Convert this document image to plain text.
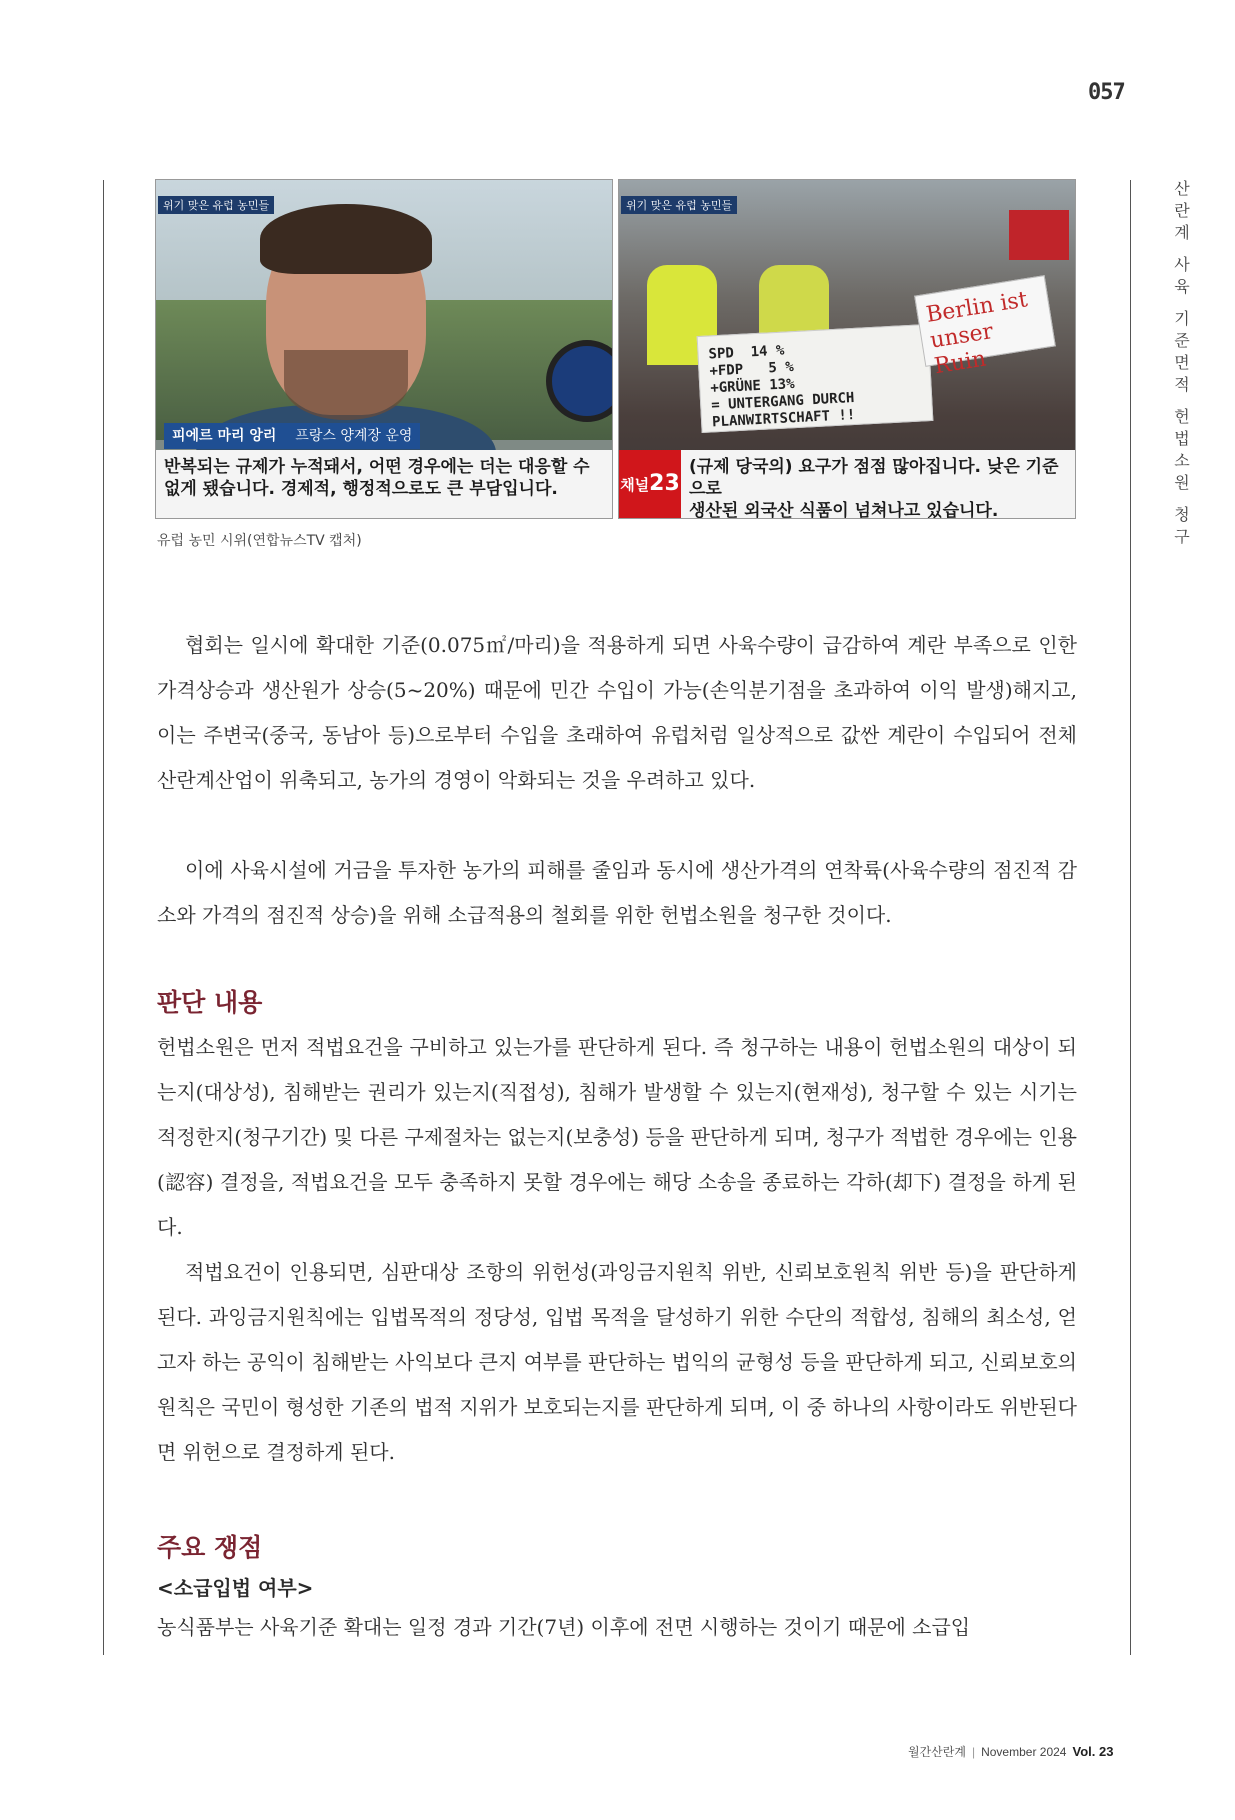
057
산
란
계
사
육
기
준
면
적
헌
법
소
원
청
구
위기 맞은 유럽 농민들
피에르 마리 앙리 프랑스 양계장 운영
반복되는 규제가 누적돼서, 어떤 경우에는 더는 대응할 수
없게 됐습니다. 경제적, 행정적으로도 큰 부담입니다.
SPD  14 %
+FDP   5 %
+GRÜNE 13%
= UNTERGANG DURCH
PLANWIRTSCHAFT !!
Berlin ist
unser Ruin
위기 맞은 유럽 농민들
채널23
(규제 당국의) 요구가 점점 많아집니다. 낮은 기준으로
생산된 외국산 식품이 넘쳐나고 있습니다.
유럽 농민 시위(연합뉴스TV 캡처)

협회는 일시에 확대한 기준(0.075㎡/마리)을 적용하게 되면 사육수량이 급감하여 계란 부족으로 인한 가격상승과 생산원가 상승(5~20%) 때문에 민간 수입이 가능(손익분기점을 초과하여 이익 발생)해지고, 이는 주변국(중국, 동남아 등)으로부터 수입을 초래하여 유럽처럼 일상적으로 값싼 계란이 수입되어 전체 산란계산업이 위축되고, 농가의 경영이 악화되는 것을 우려하고 있다.

이에 사육시설에 거금을 투자한 농가의 피해를 줄임과 동시에 생산가격의 연착륙(사육수량의 점진적 감소와 가격의 점진적 상승)을 위해 소급적용의 철회를 위한 헌법소원을 청구한 것이다.

판단 내용

헌법소원은 먼저 적법요건을 구비하고 있는가를 판단하게 된다. 즉 청구하는 내용이 헌법소원의 대상이 되는지(대상성), 침해받는 권리가 있는지(직접성), 침해가 발생할 수 있는지(현재성), 청구할 수 있는 시기는 적정한지(청구기간) 및 다른 구제절차는 없는지(보충성) 등을 판단하게 되며, 청구가 적법한 경우에는 인용(認容) 결정을, 적법요건을 모두 충족하지 못할 경우에는 해당 소송을 종료하는 각하(却下) 결정을 하게 된다.

적법요건이 인용되면, 심판대상 조항의 위헌성(과잉금지원칙 위반, 신뢰보호원칙 위반 등)을 판단하게 된다. 과잉금지원칙에는 입법목적의 정당성, 입법 목적을 달성하기 위한 수단의 적합성, 침해의 최소성, 얻고자 하는 공익이 침해받는 사익보다 큰지 여부를 판단하는 법익의 균형성 등을 판단하게 되고, 신뢰보호의 원칙은 국민이 형성한 기존의 법적 지위가 보호되는지를 판단하게 되며, 이 중 하나의 사항이라도 위반된다면 위헌으로 결정하게 된다.

주요 쟁점
<소급입법 여부>

농식품부는 사육기준 확대는 일정 경과 기간(7년) 이후에 전면 시행하는 것이기 때문에 소급입

월간산란계 | November 2024 Vol. 23
